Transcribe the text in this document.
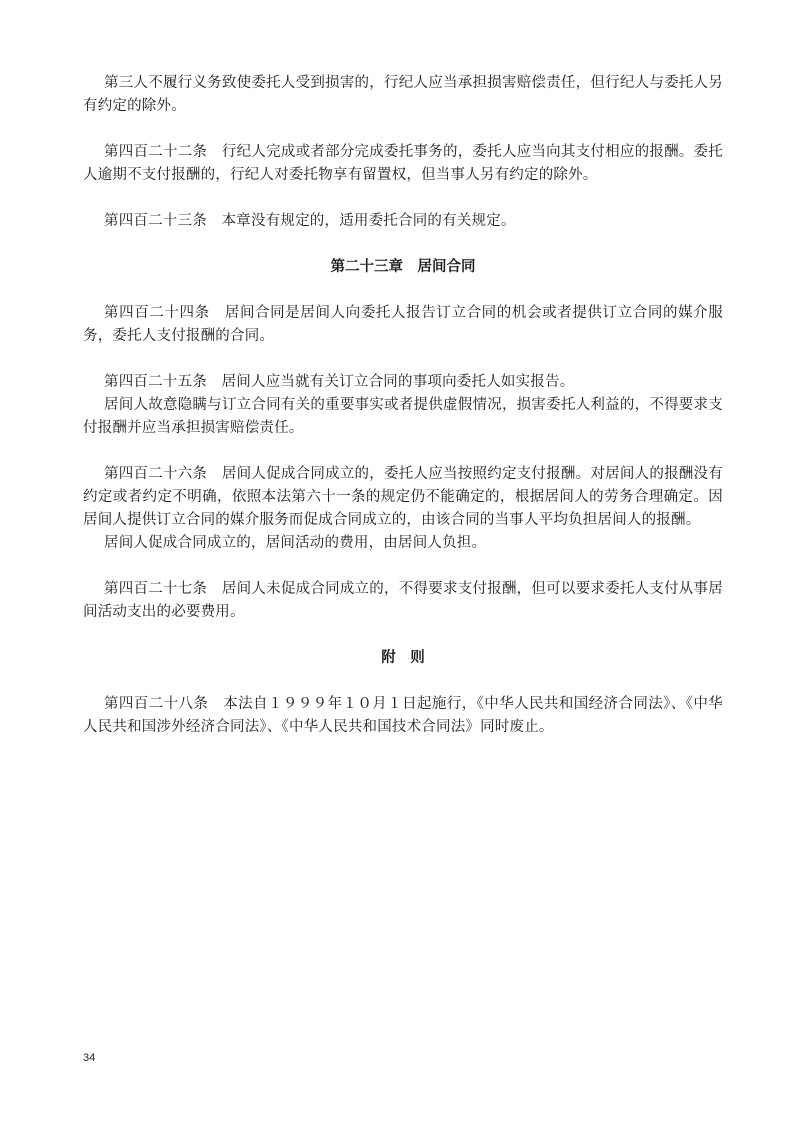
第三人不履行义务致使委托人受到损害的，行纪人应当承担损害赔偿责任，但行纪人与委托人另有约定的除外。

第四百二十二条　行纪人完成或者部分完成委托事务的，委托人应当向其支付相应的报酬。委托人逾期不支付报酬的，行纪人对委托物享有留置权，但当事人另有约定的除外。

第四百二十三条　本章没有规定的，适用委托合同的有关规定。

第二十三章　居间合同

第四百二十四条　居间合同是居间人向委托人报告订立合同的机会或者提供订立合同的媒介服务，委托人支付报酬的合同。

第四百二十五条　居间人应当就有关订立合同的事项向委托人如实报告。

居间人故意隐瞒与订立合同有关的重要事实或者提供虚假情况，损害委托人利益的，不得要求支付报酬并应当承担损害赔偿责任。

第四百二十六条　居间人促成合同成立的，委托人应当按照约定支付报酬。对居间人的报酬没有约定或者约定不明确，依照本法第六十一条的规定仍不能确定的，根据居间人的劳务合理确定。因居间人提供订立合同的媒介服务而促成合同成立的，由该合同的当事人平均负担居间人的报酬。

居间人促成合同成立的，居间活动的费用，由居间人负担。

第四百二十七条　居间人未促成合同成立的，不得要求支付报酬，但可以要求委托人支付从事居间活动支出的必要费用。

附　则

第四百二十八条　本法自１９９９年１０月１日起施行，《中华人民共和国经济合同法》、《中华人民共和国涉外经济合同法》、《中华人民共和国技术合同法》同时废止。

34
